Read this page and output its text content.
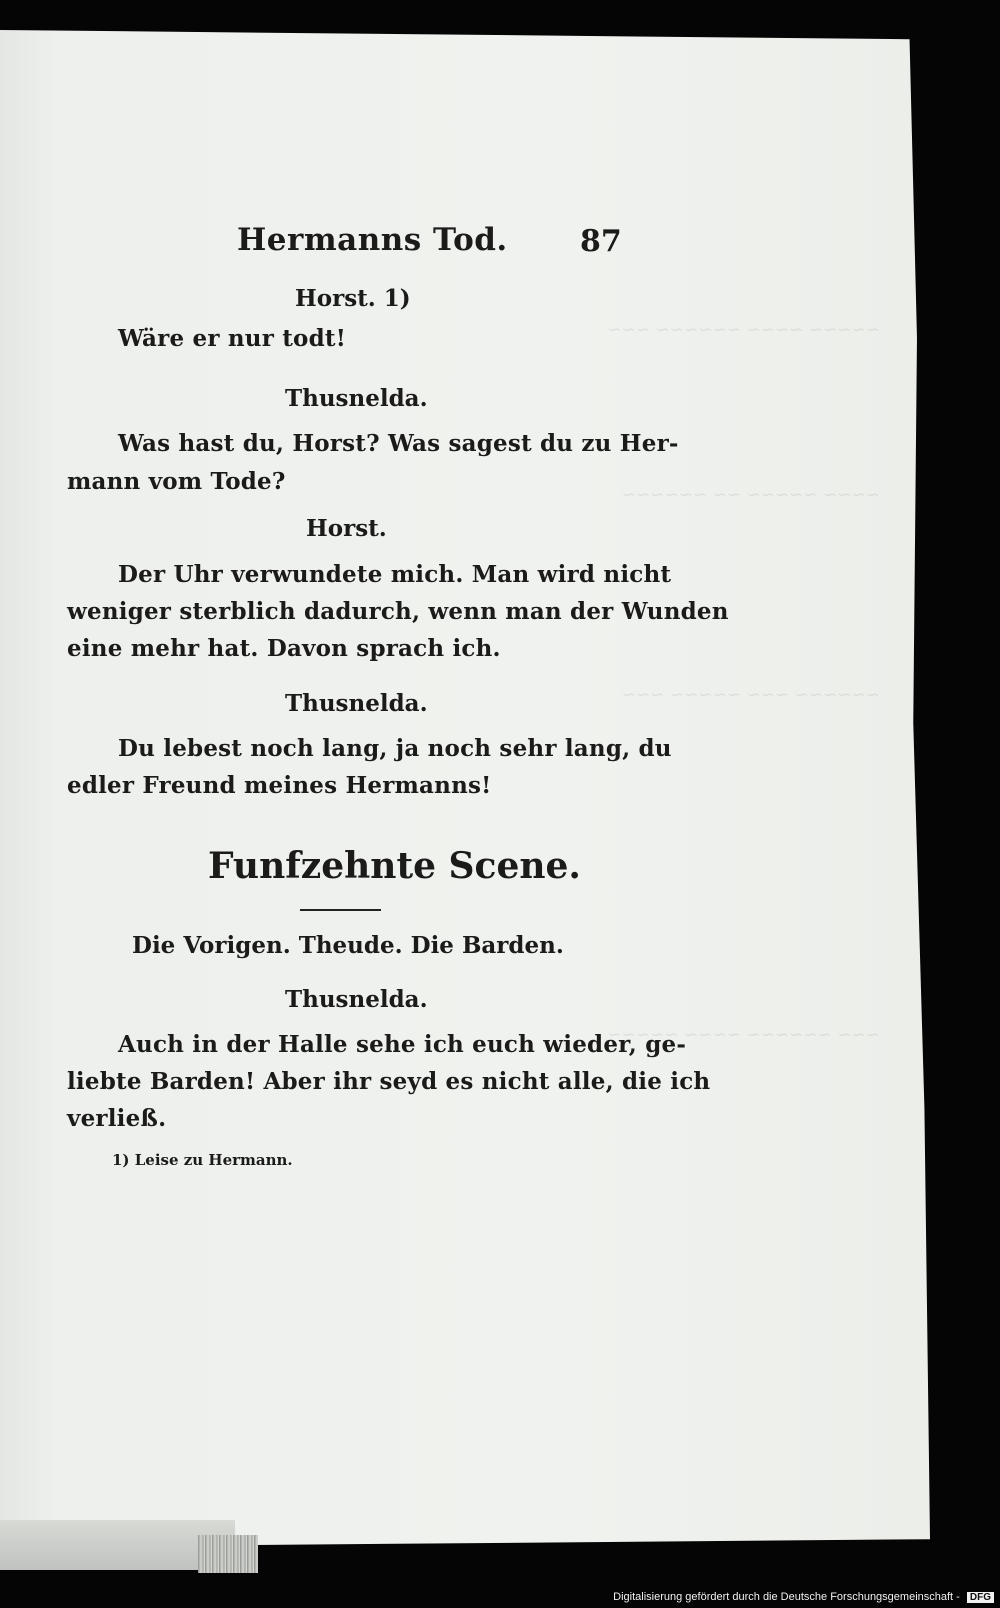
~~~~~ ~~~~ ~~~~~~ ~~~
~~~~ ~~~~~ ~~ ~~~~~~
~~~~~~ ~~~ ~~~~~ ~~~
~~~ ~~~~~~ ~~~~ ~~~~~
Hermanns Tod. 87
Horst. 1)
Wäre er nur todt!
Thusnelda.
Was hast du, Horst? Was sagest du zu Her-
mann vom Tode?
Horst.
Der Uhr verwundete mich. Man wird nicht
weniger sterblich dadurch, wenn man der Wunden
eine mehr hat. Davon sprach ich.
Thusnelda.
Du lebest noch lang, ja noch sehr lang, du
edler Freund meines Hermanns!
Funfzehnte Scene.
Die Vorigen. Theude. Die Barden.
Thusnelda.
Auch in der Halle sehe ich euch wieder, ge-
liebte Barden! Aber ihr seyd es nicht alle, die ich
verließ.
1) Leise zu Hermann.
Digitalisierung gefördert durch die Deutsche Forschungsgemeinschaft - DFG
